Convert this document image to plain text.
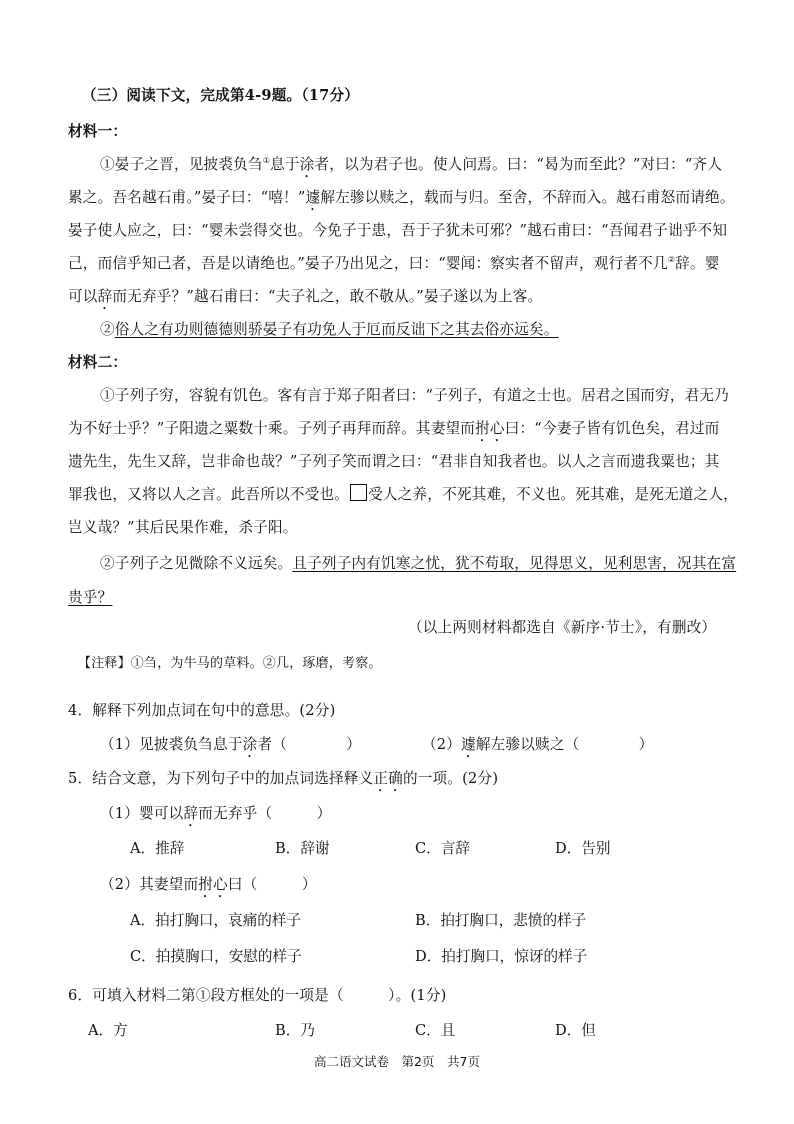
（三）阅读下文，完成第4-9题。（17分）
材料一：
①晏子之晋，见披裘负刍①息于涂者，以为君子也。使人问焉。曰：“曷为而至此？”对曰：“齐人
累之。吾名越石甫。”晏子曰：“嘻！”遽解左骖以赎之，载而与归。至舍，不辞而入。越石甫怒而请绝。
晏子使人应之，曰：“婴未尝得交也。今免子于患，吾于子犹未可邪？”越石甫曰：“吾闻君子诎乎不知
己，而信乎知己者，吾是以请绝也。”晏子乃出见之，曰：“婴闻：察实者不留声，观行者不几②辞。婴
可以辞而无弃乎？”越石甫曰：“夫子礼之，敢不敬从。”晏子遂以为上客。
②俗人之有功则德德则骄晏子有功免人于厄而反诎下之其去俗亦远矣。
材料二：
①子列子穷，容貌有饥色。客有言于郑子阳者曰：“子列子，有道之士也。居君之国而穷，君无乃
为不好士乎？”子阳遗之粟数十乘。子列子再拜而辞。其妻望而拊心曰：“今妻子皆有饥色矣，君过而
遗先生，先生又辞，岂非命也哉？”子列子笑而谓之曰：“君非自知我者也。以人之言而遗我粟也；其
罪我也，又将以人之言。此吾所以不受也。 受人之养，不死其难，不义也。死其难，是死无道之人，
岂义哉？”其后民果作难，杀子阳。
②子列子之见微除不义远矣。且子列子内有饥寒之忧，犹不苟取，见得思义，见利思害，况其在富
贵乎？
（以上两则材料都选自《新序·节士》，有删改）
【注释】①刍，为牛马的草料。②几，琢磨，考察。
4．解释下列加点词在句中的意思。(2分)
（1）见披裘负刍息于涂者（　　　　）	（2）遽解左骖以赎之（　　　　）
5．结合文意，为下列句子中的加点词选择释义正确的一项。(2分)
（1）婴可以辞而无弃乎（　　　）
A．推辞	B．辞谢	C．言辞	D．告别
（2）其妻望而拊心曰（　　　）
A．拍打胸口，哀痛的样子	B．拍打胸口，悲愤的样子
C．拍摸胸口，安慰的样子	D．拍打胸口，惊讶的样子
6．可填入材料二第①段方框处的一项是（　　　）。(1分)
A．方	B．乃	C．且	D．但
高二语文试卷　第2页　共7页
